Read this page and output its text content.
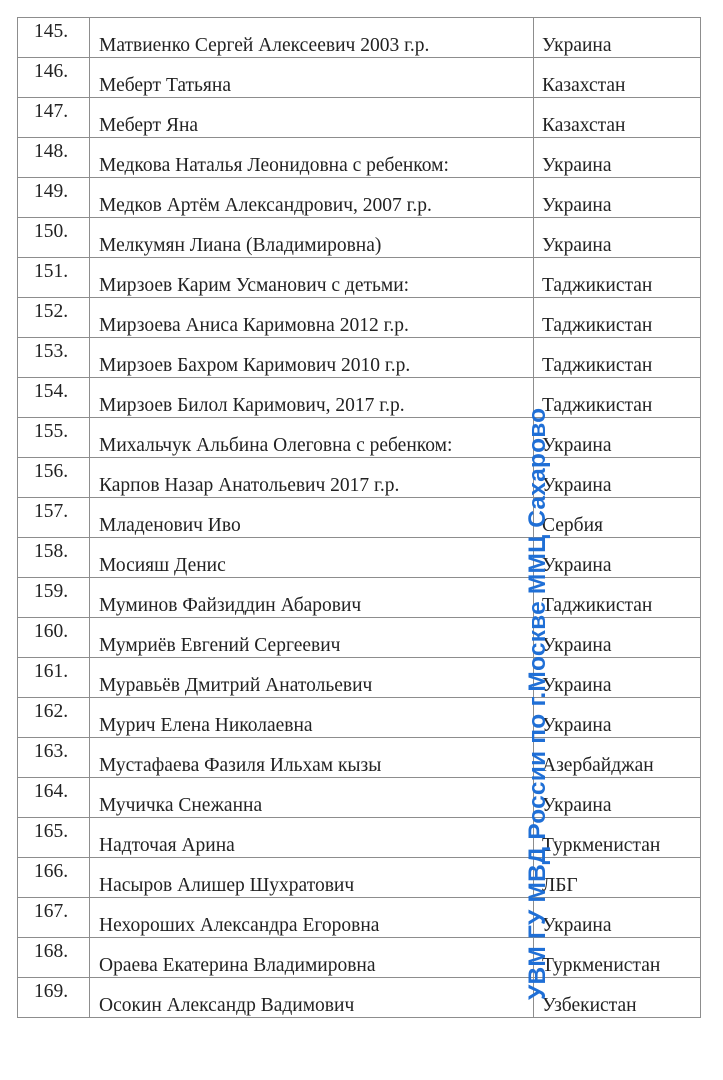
145.	Матвиенко Сергей Алексеевич 2003 г.р.	Украина
146.	Меберт Татьяна	Казахстан
147.	Меберт Яна	Казахстан
148.	Медкова Наталья Леонидовна с ребенком:	Украина
149.	Медков Артём Александрович, 2007 г.р.	Украина
150.	Мелкумян Лиана (Владимировна)	Украина
151.	Мирзоев Карим Усманович с детьми:	Таджикистан
152.	Мирзоева Аниса Каримовна 2012 г.р.	Таджикистан
153.	Мирзоев Бахром Каримович 2010 г.р.	Таджикистан
154.	Мирзоев Билол Каримович, 2017 г.р.	Таджикистан
155.	Михальчук Альбина Олеговна с ребенком:	Украина
156.	Карпов Назар Анатольевич 2017 г.р.	Украина
157.	Младенович Иво	Сербия
158.	Мосияш Денис	Украина
159.	Муминов Файзиддин Абарович	Таджикистан
160.	Мумриёв Евгений Сергеевич	Украина
161.	Муравьёв Дмитрий Анатольевич	Украина
162.	Мурич Елена Николаевна	Украина
163.	Мустафаева Фазиля Ильхам кызы	Азербайджан
164.	Мучичка Снежанна	Украина
165.	Надточая Арина	Туркменистан
166.	Насыров Алишер Шухратович	ЛБГ
167.	Нехороших Александра Егоровна	Украина
168.	Ораева Екатерина Владимировна	Туркменистан
169.	Осокин Александр Вадимович	Узбекистан
УВМ ГУ МВД России по г.Москве ММЦ Сахарово
